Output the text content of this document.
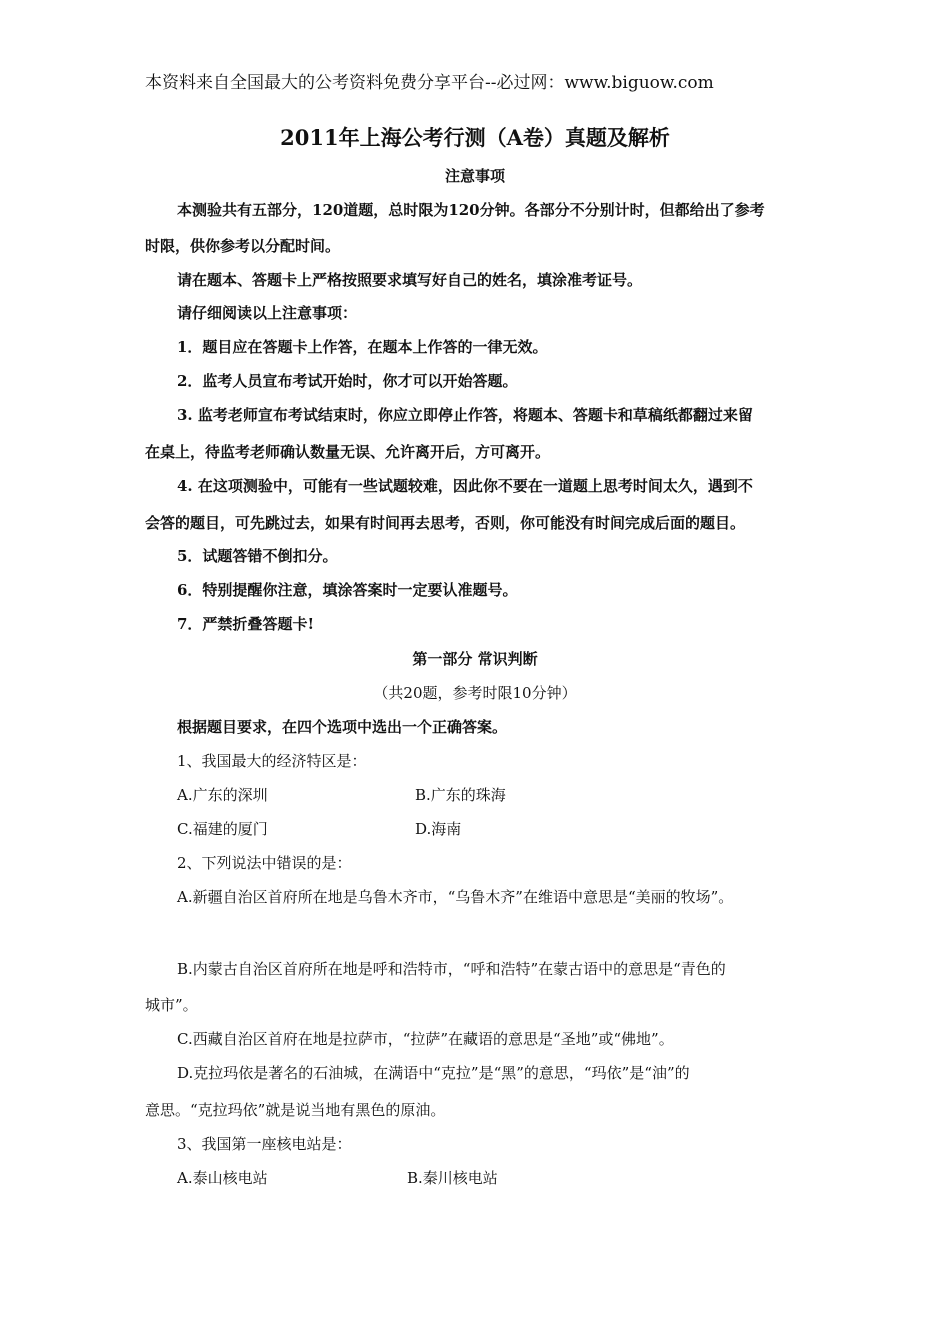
本资料来自全国最大的公考资料免费分享平台--必过网：www.biguow.com
2011年上海公考行测（A卷）真题及解析
注意事项
本测验共有五部分，120道题，总时限为120分钟。各部分不分别计时，但都给出了参考
时限，供你参考以分配时间。
请在题本、答题卡上严格按照要求填写好自己的姓名，填涂准考证号。
请仔细阅读以上注意事项：
1．题目应在答题卡上作答，在题本上作答的一律无效。
2．监考人员宣布考试开始时，你才可以开始答题。
3. 监考老师宣布考试结束时，你应立即停止作答，将题本、答题卡和草稿纸都翻过来留
在桌上，待监考老师确认数量无误、允许离开后，方可离开。
4. 在这项测验中，可能有一些试题较难，因此你不要在一道题上思考时间太久，遇到不
会答的题目，可先跳过去，如果有时间再去思考，否则，你可能没有时间完成后面的题目。
5．试题答错不倒扣分。
6．特别提醒你注意，填涂答案时一定要认准题号。
7．严禁折叠答题卡!
第一部分 常识判断
（共20题，参考时限10分钟）
根据题目要求，在四个选项中选出一个正确答案。
1、我国最大的经济特区是：
A.广东的深圳	B.广东的珠海
C.福建的厦门	D.海南
2、下列说法中错误的是：
A.新疆自治区首府所在地是乌鲁木齐市，“乌鲁木齐”在维语中意思是“美丽的牧场”。
B.内蒙古自治区首府所在地是呼和浩特市，“呼和浩特”在蒙古语中的意思是“青色的
城市”。
C.西藏自治区首府在地是拉萨市，“拉萨”在藏语的意思是“圣地”或“佛地”。
D.克拉玛依是著名的石油城，在满语中“克拉”是“黑”的意思，“玛依”是“油”的
意思。“克拉玛依”就是说当地有黑色的原油。
3、我国第一座核电站是：
A.泰山核电站	B.秦川核电站
